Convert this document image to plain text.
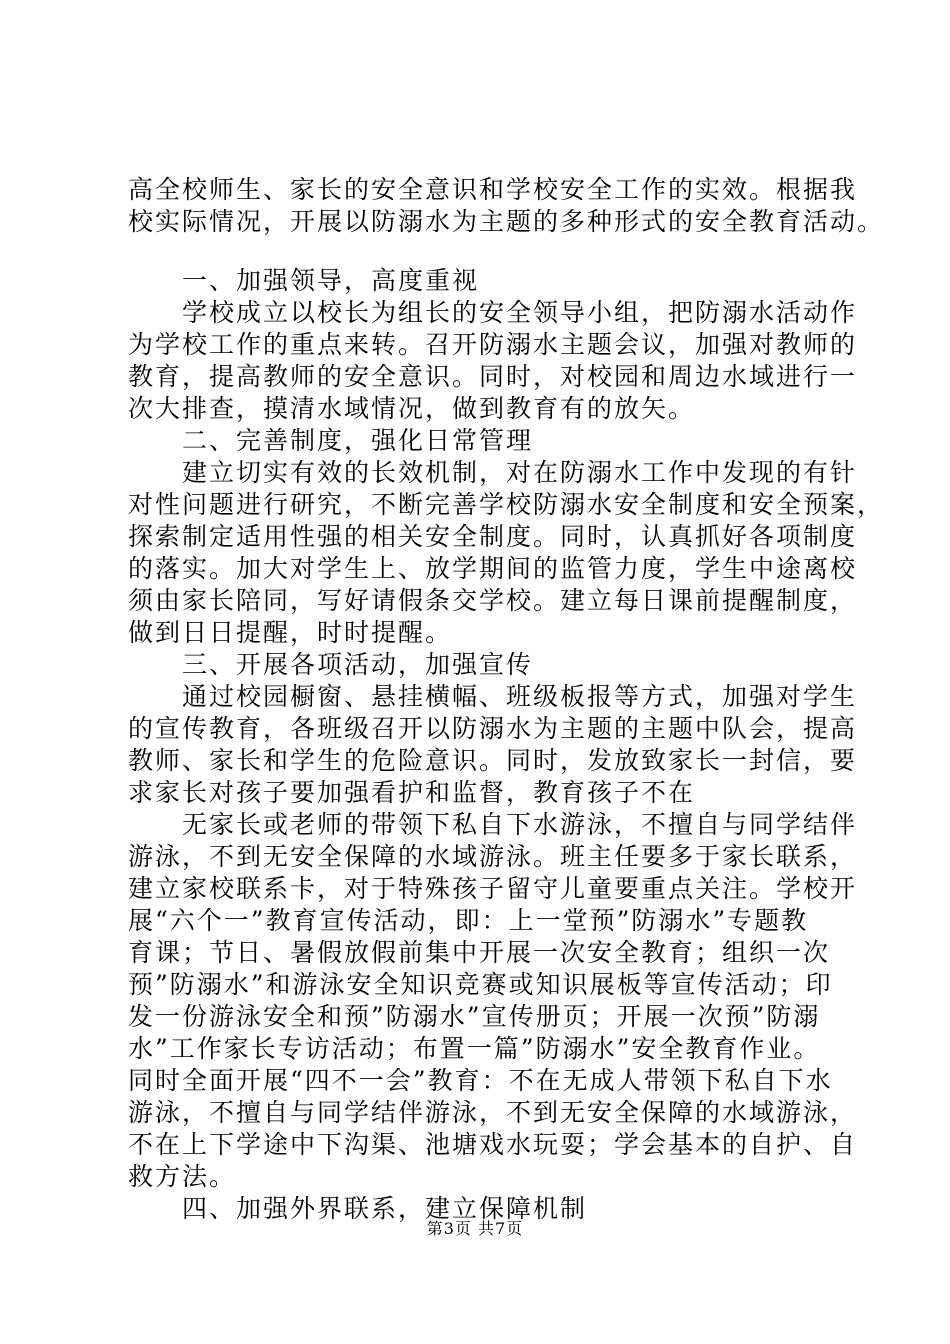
高全校师生、家长的安全意识和学校安全工作的实效。根据我
校实际情况，开展以防溺水为主题的多种形式的安全教育活动。
一、加强领导，高度重视
学校成立以校长为组长的安全领导小组，把防溺水活动作
为学校工作的重点来转。召开防溺水主题会议，加强对教师的
教育，提高教师的安全意识。同时，对校园和周边水域进行一
次大排查，摸清水域情况，做到教育有的放矢。
二、完善制度，强化日常管理
建立切实有效的长效机制，对在防溺水工作中发现的有针
对性问题进行研究，不断完善学校防溺水安全制度和安全预案，
探索制定适用性强的相关安全制度。同时，认真抓好各项制度
的落实。加大对学生上、放学期间的监管力度，学生中途离校
须由家长陪同，写好请假条交学校。建立每日课前提醒制度，
做到日日提醒，时时提醒。
三、开展各项活动，加强宣传
通过校园橱窗、悬挂横幅、班级板报等方式，加强对学生
的宣传教育，各班级召开以防溺水为主题的主题中队会，提高
教师、家长和学生的危险意识。同时，发放致家长一封信，要
求家长对孩子要加强看护和监督，教育孩子不在
无家长或老师的带领下私自下水游泳，不擅自与同学结伴
游泳，不到无安全保障的水域游泳。班主任要多于家长联系，
建立家校联系卡，对于特殊孩子留守儿童要重点关注。学校开
展“六个一”教育宣传活动，即：上一堂预”防溺水”专题教
育课；节日、暑假放假前集中开展一次安全教育；组织一次
预”防溺水”和游泳安全知识竞赛或知识展板等宣传活动；印
发一份游泳安全和预”防溺水”宣传册页；开展一次预”防溺
水”工作家长专访活动；布置一篇”防溺水”安全教育作业。
同时全面开展“四不一会”教育：不在无成人带领下私自下水
游泳，不擅自与同学结伴游泳，不到无安全保障的水域游泳，
不在上下学途中下沟渠、池塘戏水玩耍；学会基本的自护、自
救方法。
四、加强外界联系，建立保障机制
第3页 共7页
